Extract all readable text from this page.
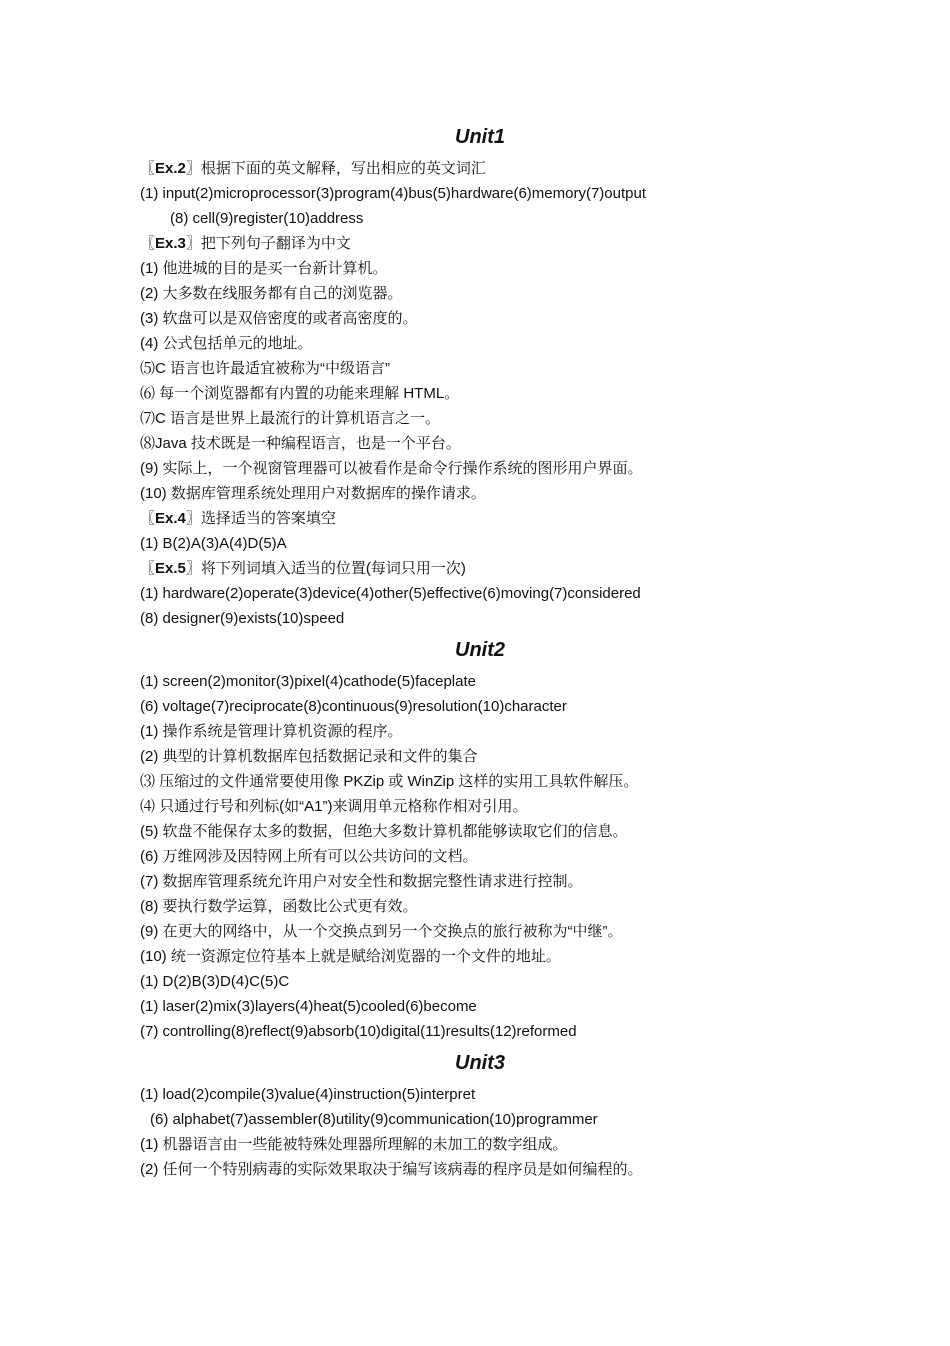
Unit1
〖Ex.2〗根据下面的英文解释，写出相应的英文词汇
(1) input(2)microprocessor(3)program(4)bus(5)hardware(6)memory(7)output
(8) cell(9)register(10)address
〖Ex.3〗把下列句子翻译为中文
(1) 他进城的目的是买一台新计算机。
(2) 大多数在线服务都有自己的浏览器。
(3) 软盘可以是双倍密度的或者高密度的。
(4) 公式包括单元的地址。
⑸C 语言也许最适宜被称为“中级语言”
⑹ 每一个浏览器都有内置的功能来理解 HTML。
⑺C 语言是世界上最流行的计算机语言之一。
⑻Java 技术既是一种编程语言，也是一个平台。
(9) 实际上，一个视窗管理器可以被看作是命令行操作系统的图形用户界面。
(10) 数据库管理系统处理用户对数据库的操作请求。
〖Ex.4〗选择适当的答案填空
(1) B(2)A(3)A(4)D(5)A
〖Ex.5〗将下列词填入适当的位置(每词只用一次)
(1) hardware(2)operate(3)device(4)other(5)effective(6)moving(7)considered
(8) designer(9)exists(10)speed
Unit2
(1) screen(2)monitor(3)pixel(4)cathode(5)faceplate
(6) voltage(7)reciprocate(8)continuous(9)resolution(10)character
(1) 操作系统是管理计算机资源的程序。
(2) 典型的计算机数据库包括数据记录和文件的集合
⑶ 压缩过的文件通常要使用像 PKZip 或 WinZip 这样的实用工具软件解压。
⑷ 只通过行号和列标(如“A1”)来调用单元格称作相对引用。
(5) 软盘不能保存太多的数据，但绝大多数计算机都能够读取它们的信息。
(6) 万维网涉及因特网上所有可以公共访问的文档。
(7) 数据库管理系统允许用户对安全性和数据完整性请求进行控制。
(8) 要执行数学运算，函数比公式更有效。
(9) 在更大的网络中，从一个交换点到另一个交换点的旅行被称为“中继”。
(10) 统一资源定位符基本上就是赋给浏览器的一个文件的地址。
(1) D(2)B(3)D(4)C(5)C
(1) laser(2)mix(3)layers(4)heat(5)cooled(6)become
(7) controlling(8)reflect(9)absorb(10)digital(11)results(12)reformed
Unit3
(1) load(2)compile(3)value(4)instruction(5)interpret
(6) alphabet(7)assembler(8)utility(9)communication(10)programmer
(1) 机器语言由一些能被特殊处理器所理解的未加工的数字组成。
(2) 任何一个特别病毒的实际效果取决于编写该病毒的程序员是如何编程的。
